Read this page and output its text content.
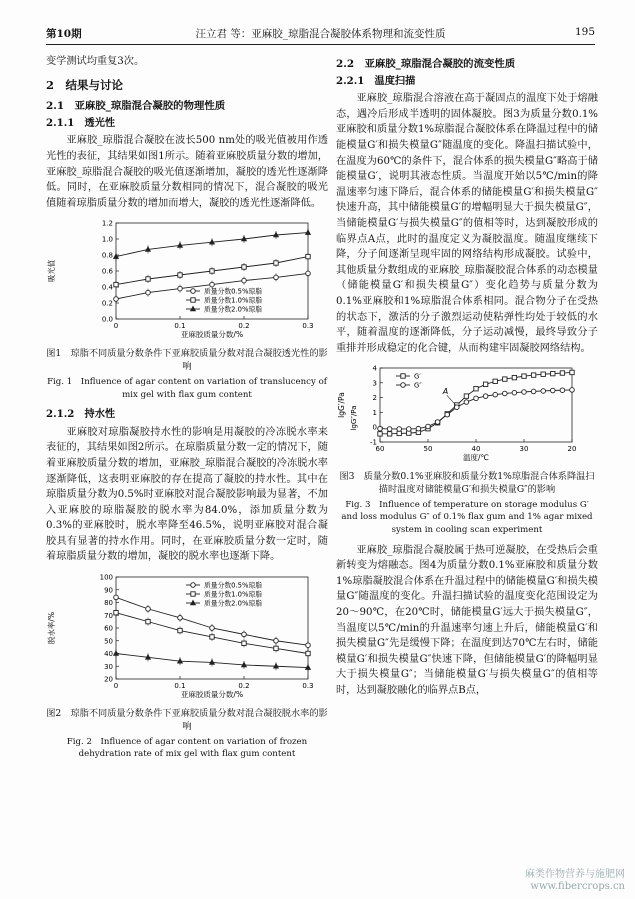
第10期	汪立君 等：亚麻胶_琼脂混合凝胶体系物理和流变性质	195

变学测试均重复3次。

2　结果与讨论
2.1　亚麻胶_琼脂混合凝胶的物理性质
2.1.1　透光性

亚麻胶_琼脂混合凝胶在波长500 nm处的吸光值被用作透光性的表征，其结果如图1所示。随着亚麻胶质量分数的增加，亚麻胶_琼脂混合凝胶的吸光值逐渐增加，凝胶的透光性逐渐降低。同时，在亚麻胶质量分数相同的情况下，混合凝胶的吸光值随着琼脂质量分数的增加而增大，凝胶的透光性逐渐降低。

0	0.1	0.2	0.3
0.0
0.2
0.4
0.6
0.8
1.0
1.2
亚麻胶质量分数/%
吸光值
质量分数0.5%琼脂
质量分数1.0%琼脂
质量分数2.0%琼脂
图1　琼脂不同质量分数条件下亚麻胶质量分数对混合凝胶透光性的影响
Fig. 1　Influence of agar content on variation of translucency of mix gel with flax gum content
2.1.2　持水性

亚麻胶对琼脂凝胶持水性的影响是用凝胶的冷冻脱水率来表征的，其结果如图2所示。在琼脂质量分数一定的情况下，随着亚麻胶质量分数的增加，亚麻胶_琼脂混合凝胶的冷冻脱水率逐渐降低，这表明亚麻胶的存在提高了凝胶的持水性。其中在琼脂质量分数为0.5%时亚麻胶对混合凝胶影响最为显著，不加入亚麻胶的琼脂凝胶的脱水率为84.0%，添加质量分数为0.3%的亚麻胶时，脱水率降至46.5%，说明亚麻胶对混合凝胶具有显著的持水作用。同时，在亚麻胶质量分数一定时，随着琼脂质量分数的增加，凝胶的脱水率也逐渐下降。

0	0.1	0.2	0.3
20
30
40
50
60
70
80
90
100
亚麻胶质量分数/%
脱水率/%
质量分数0.5%琼脂
质量分数1.0%琼脂
质量分数2.0%琼脂
图2　琼脂不同质量分数条件下亚麻胶质量分数对混合凝胶脱水率的影响
Fig. 2　Influence of agar content on variation of frozen dehydration rate of mix gel with flax gum content
2.2　亚麻胶_琼脂混合凝胶的流变性质
2.2.1　温度扫描

亚麻胶_琼脂混合溶液在高于凝固点的温度下处于熔融态，遇冷后形成半透明的固体凝胶。图3为质量分数0.1%亚麻胶和质量分数1%琼脂混合凝胶体系在降温过程中的储能模量G′和损失模量G″随温度的变化。降温扫描试验中，在温度为60℃的条件下，混合体系的损失模量G″略高于储能模量G′，说明其液态性质。当温度开始以5℃/min的降温速率匀速下降后，混合体系的储能模量G′和损失模量G″快速升高，其中储能模量G′的增幅明显大于损失模量G″，当储能模量G′与损失模量G″的值相等时，达到凝胶形成的临界点A点，此时的温度定义为凝胶温度。随温度继续下降，分子间逐渐呈现牢固的网络结构形成凝胶。试验中，其他质量分数组成的亚麻胶_琼脂凝胶混合体系的动态模量（储能模量G′和损失模量G″）变化趋势与质量分数为0.1%亚麻胶和1%琼脂混合体系相同。混合物分子在受热的状态下，激活的分子激烈运动使粘弹性均处于较低的水平，随着温度的逐渐降低，分子运动减慢，最终导致分子重排并形成稳定的化合键，从而构建牢固凝胶网络结构。

60	50	40	30	20
-1
0
1
2
3
4
温度/℃
lgG′/Pa
G′
G″
lgG″/Pa
A
图3　质量分数0.1%亚麻胶和质量分数1%琼脂混合体系降温扫描时温度对储能模量G′和损失模量G″的影响
Fig. 3　Influence of temperature on storage modulus G′ and loss modulus G″ of 0.1% flax gum and 1% agar mixed system in cooling scan experiment

亚麻胶_琼脂混合凝胶属于热可逆凝胶，在受热后会重新转变为熔融态。图4为质量分数0.1%亚麻胶和质量分数1%琼脂凝胶混合体系在升温过程中的储能模量G′和损失模量G″随温度的变化。升温扫描试验的温度变化范围设定为20～90℃，在20℃时，储能模量G′远大于损失模量G″，当温度以5℃/min的升温速率匀速上升后，储能模量G′和损失模量G″先是缓慢下降；在温度到达70℃左右时，储能模量G′和损失模量G″快速下降，但储能模量G′的降幅明显大于损失模量G″；当储能模量G′与损失模量G″的值相等时，达到凝胶融化的临界点B点，

麻类作物营养与施肥网
www.fibercrops.cn
